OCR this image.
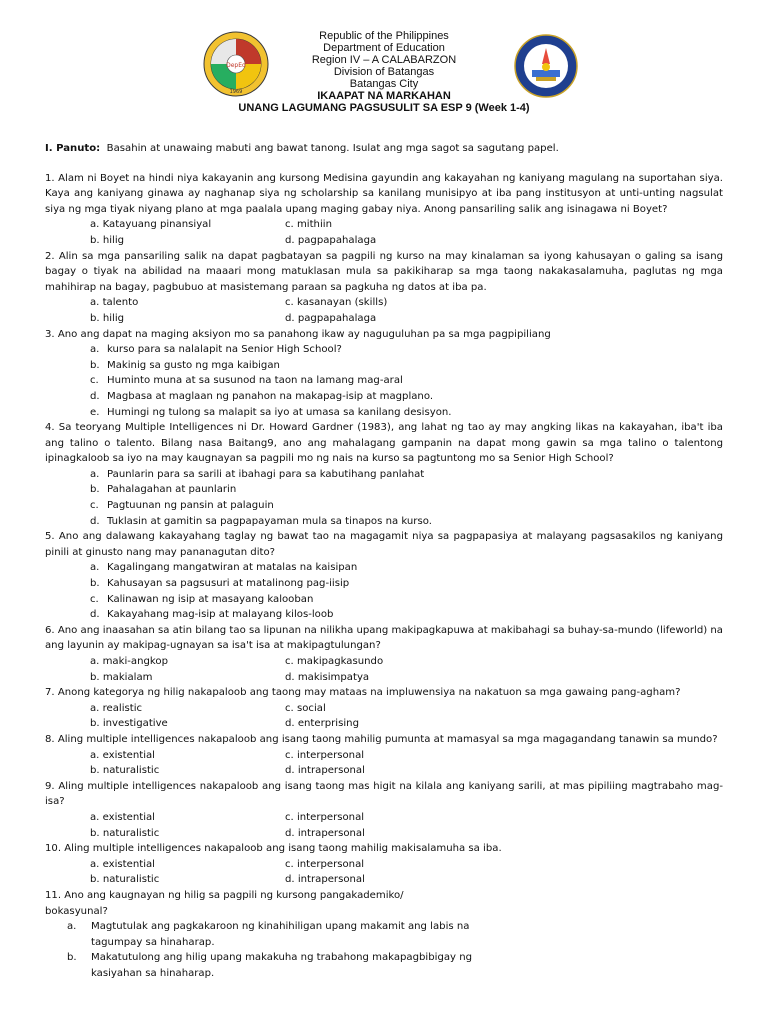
DepEd
1969
Republic of the Philippines
Department of Education
Region IV – A CALABARZON
Division of Batangas
Batangas City
IKAAPAT NA MARKAHAN
UNANG LAGUMANG PAGSUSULIT SA ESP 9 (Week 1-4)

I. Panuto: Basahin at unawaing mabuti ang bawat tanong. Isulat ang mga sagot sa sagutang papel.

1. Alam ni Boyet na hindi niya kakayanin ang kursong Medisina gayundin ang kakayahan ng kaniyang magulang na suportahan siya. Kaya ang kaniyang ginawa ay naghanap siya ng scholarship sa kanilang munisipyo at iba pang institusyon at unti-unting nagsulat siya ng mga tiyak niyang plano at mga paalala upang maging gabay niya. Anong pansariling salik ang isinagawa ni Boyet?

a. Katayuang pinansiyal	c. mithiin
b. hilig	d. pagpapahalaga

2. Alin sa mga pansariling salik na dapat pagbatayan sa pagpili ng kurso na may kinalaman sa iyong kahusayan o galing sa isang bagay o tiyak na abilidad na maaari mong matuklasan mula sa pakikiharap sa mga taong nakakasalamuha, paglutas ng mga mahihirap na bagay, pagbubuo at masistemang paraan sa pagkuha ng datos at iba pa.

a. talento	c. kasanayan (skills)
b. hilig	d. pagpapahalaga

3. Ano ang dapat na maging aksiyon mo sa panahong ikaw ay naguguluhan pa sa mga pagpipiliang

a. kurso para sa nalalapit na Senior High School?
b. Makinig sa gusto ng mga kaibigan
c. Huminto muna at sa susunod na taon na lamang mag-aral
d. Magbasa at maglaan ng panahon na makapag-isip at magplano.
e. Humingi ng tulong sa malapit sa iyo at umasa sa kanilang desisyon.

4. Sa teoryang Multiple Intelligences ni Dr. Howard Gardner (1983), ang lahat ng tao ay may angking likas na kakayahan, iba't iba ang talino o talento. Bilang nasa Baitang9, ano ang mahalagang gampanin na dapat mong gawin sa mga talino o talentong ipinagkaloob sa iyo na may kaugnayan sa pagpili mo ng nais na kurso sa pagtuntong mo sa Senior High School?

a. Paunlarin para sa sarili at ibahagi para sa kabutihang panlahat
b. Pahalagahan at paunlarin
c. Pagtuunan ng pansin at palaguin
d. Tuklasin at gamitin sa pagpapayaman mula sa tinapos na kurso.

5. Ano ang dalawang kakayahang taglay ng bawat tao na magagamit niya sa pagpapasiya at malayang pagsasakilos ng kaniyang pinili at ginusto nang may pananagutan dito?

a. Kagalingang mangatwiran at matalas na kaisipan
b. Kahusayan sa pagsusuri at matalinong pag-iisip
c. Kalinawan ng isip at masayang kalooban
d. Kakayahang mag-isip at malayang kilos-loob

6. Ano ang inaasahan sa atin bilang tao sa lipunan na nilikha upang makipagkapuwa at makibahagi sa buhay-sa-mundo (lifeworld) na ang layunin ay makipag-ugnayan sa isa't isa at makipagtulungan?

a. maki-angkop	c. makipagkasundo
b. makialam	d. makisimpatya

7. Anong kategorya ng hilig nakapaloob ang taong may mataas na impluwensiya na nakatuon sa mga gawaing pang-agham?

a. realistic	c. social
b. investigative	d. enterprising

8. Aling multiple intelligences nakapaloob ang isang taong mahilig pumunta at mamasyal sa mga magagandang tanawin sa mundo?

a. existential	c. interpersonal
b. naturalistic	d. intrapersonal

9. Aling multiple intelligences nakapaloob ang isang taong mas higit na kilala ang kaniyang sarili, at mas pipiliing magtrabaho mag-isa?

a. existential	c. interpersonal
b. naturalistic	d. intrapersonal

10. Aling multiple intelligences nakapaloob ang isang taong mahilig makisalamuha sa iba.

a. existential	c. interpersonal
b. naturalistic	d. intrapersonal

11. Ano ang kaugnayan ng hilig sa pagpili ng kursong pangakademiko/ bokasyunal?

a.	Magtutulak ang pagkakaroon ng kinahihiligan upang makamit ang labis na tagumpay sa hinaharap.
b.	Makatutulong ang hilig upang makakuha ng trabahong makapagbibigay ng kasiyahan sa hinaharap.
